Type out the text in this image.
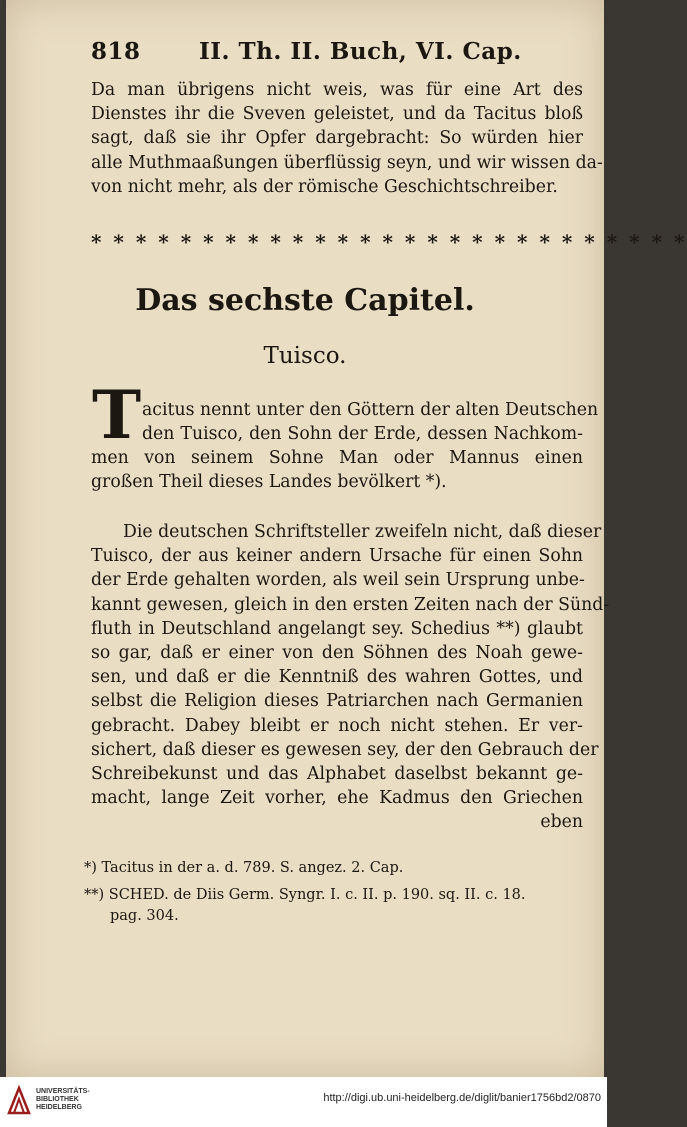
818	II. Th. II. Buch, VI. Cap.
Da man übrigens nicht weis, was für eine Art des
Dienstes ihr die Sveven geleistet, und da Tacitus bloß
sagt, daß sie ihr Opfer dargebracht: So würden hier
alle Muthmaaßungen überflüssig seyn, und wir wissen da-
von nicht mehr, als der römische Geschichtschreiber.
* * * * * * * * * * * * * * * * * * * * * * * * * * *
Das sechste Capitel.
Tuisco.
T acitus nennt unter den Göttern der alten Deutschen
den Tuisco, den Sohn der Erde, dessen Nachkom-
men von seinem Sohne Man oder Mannus einen
großen Theil dieses Landes bevölkert *).
Die deutschen Schriftsteller zweifeln nicht, daß dieser
Tuisco, der aus keiner andern Ursache für einen Sohn
der Erde gehalten worden, als weil sein Ursprung unbe-
kannt gewesen, gleich in den ersten Zeiten nach der Sünd-
fluth in Deutschland angelangt sey. Schedius **) glaubt
so gar, daß er einer von den Söhnen des Noah gewe-
sen, und daß er die Kenntniß des wahren Gottes, und
selbst die Religion dieses Patriarchen nach Germanien
gebracht. Dabey bleibt er noch nicht stehen. Er ver-
sichert, daß dieser es gewesen sey, der den Gebrauch der
Schreibekunst und das Alphabet daselbst bekannt ge-
macht, lange Zeit vorher, ehe Kadmus den Griechen
eben
*) Tacitus in der a. d. 789. S. angez. 2. Cap.
**) SCHED. de Diis Germ. Syngr. I. c. II. p. 190. sq. II. c. 18.
pag. 304.
UNIVERSITÄTS-
BIBLIOTHEK
HEIDELBERG
http://digi.ub.uni-heidelberg.de/diglit/banier1756bd2/0870
